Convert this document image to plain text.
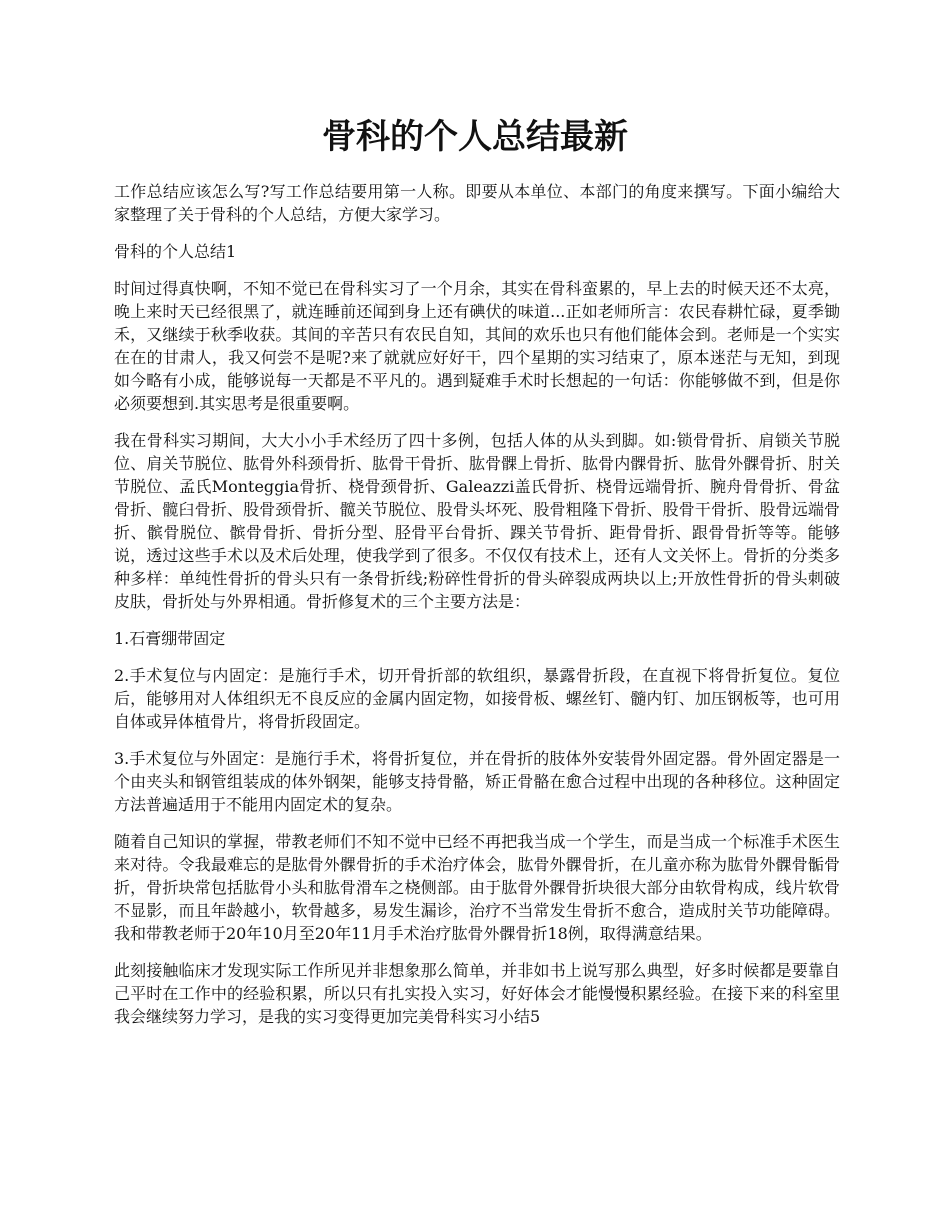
骨科的个人总结最新

工作总结应该怎么写?写工作总结要用第一人称。即要从本单位、本部门的角度来撰写。下面小编给大家整理了关于骨科的个人总结，方便大家学习。

骨科的个人总结1

时间过得真快啊，不知不觉已在骨科实习了一个月余，其实在骨科蛮累的，早上去的时候天还不太亮，晚上来时天已经很黑了，就连睡前还闻到身上还有碘伏的味道...正如老师所言：农民春耕忙碌，夏季锄禾，又继续于秋季收获。其间的辛苦只有农民自知，其间的欢乐也只有他们能体会到。老师是一个实实在在的甘肃人，我又何尝不是呢?来了就就应好好干，四个星期的实习结束了，原本迷茫与无知，到现如今略有小成，能够说每一天都是不平凡的。遇到疑难手术时长想起的一句话：你能够做不到，但是你必须要想到.其实思考是很重要啊。

我在骨科实习期间，大大小小手术经历了四十多例，包括人体的从头到脚。如:锁骨骨折、肩锁关节脱位、肩关节脱位、肱骨外科颈骨折、肱骨干骨折、肱骨髁上骨折、肱骨内髁骨折、肱骨外髁骨折、肘关节脱位、孟氏Monteggia骨折、桡骨颈骨折、Galeazzi盖氏骨折、桡骨远端骨折、腕舟骨骨折、骨盆骨折、髋臼骨折、股骨颈骨折、髋关节脱位、股骨头坏死、股骨粗隆下骨折、股骨干骨折、股骨远端骨折、髌骨脱位、髌骨骨折、骨折分型、胫骨平台骨折、踝关节骨折、距骨骨折、跟骨骨折等等。能够说，透过这些手术以及术后处理，使我学到了很多。不仅仅有技术上，还有人文关怀上。骨折的分类多种多样：单纯性骨折的骨头只有一条骨折线;粉碎性骨折的骨头碎裂成两块以上;开放性骨折的骨头刺破皮肤，骨折处与外界相通。骨折修复术的三个主要方法是：

1.石膏绷带固定

2.手术复位与内固定：是施行手术，切开骨折部的软组织，暴露骨折段，在直视下将骨折复位。复位后，能够用对人体组织无不良反应的金属内固定物，如接骨板、螺丝钉、髓内钉、加压钢板等，也可用自体或异体植骨片，将骨折段固定。

3.手术复位与外固定：是施行手术，将骨折复位，并在骨折的肢体外安装骨外固定器。骨外固定器是一个由夹头和钢管组装成的体外钢架，能够支持骨骼，矫正骨骼在愈合过程中出现的各种移位。这种固定方法普遍适用于不能用内固定术的复杂。

随着自己知识的掌握，带教老师们不知不觉中已经不再把我当成一个学生，而是当成一个标准手术医生来对待。令我最难忘的是肱骨外髁骨折的手术治疗体会，肱骨外髁骨折，在儿童亦称为肱骨外髁骨骺骨折，骨折块常包括肱骨小头和肱骨滑车之桡侧部。由于肱骨外髁骨折块很大部分由软骨构成，线片软骨不显影，而且年龄越小，软骨越多，易发生漏诊，治疗不当常发生骨折不愈合，造成肘关节功能障碍。我和带教老师于20年10月至20年11月手术治疗肱骨外髁骨折18例，取得满意结果。

此刻接触临床才发现实际工作所见并非想象那么简单，并非如书上说写那么典型，好多时候都是要靠自己平时在工作中的经验积累，所以只有扎实投入实习，好好体会才能慢慢积累经验。在接下来的科室里我会继续努力学习，是我的实习变得更加完美骨科实习小结5
